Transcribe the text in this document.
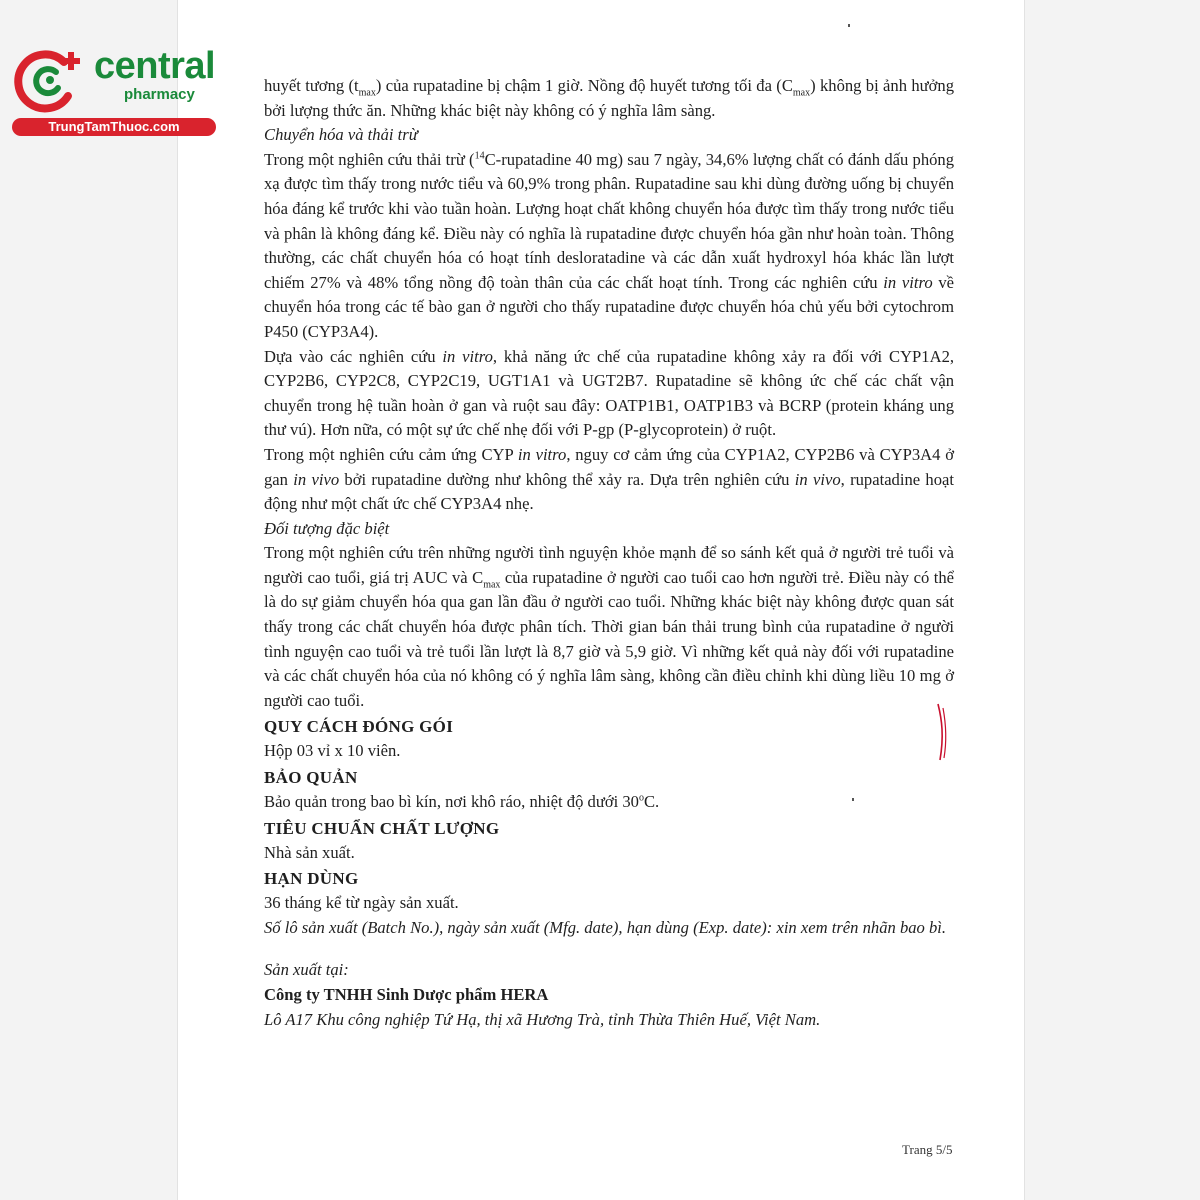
central
pharmacy
TrungTamThuoc.com

huyết tương $(t_{max})$ của rupatadine bị chậm 1 giờ. Nồng độ huyết tương tối đa $(C_{max})$ không bị ảnh hưởng bởi lượng thức ăn. Những khác biệt này không có ý nghĩa lâm sàng.

Chuyển hóa và thải trừ

Trong một nghiên cứu thải trừ ($^{14}$C-rupatadine 40 mg) sau 7 ngày, 34,6% lượng chất có đánh dấu phóng xạ được tìm thấy trong nước tiểu và 60,9% trong phân. Rupatadine sau khi dùng đường uống bị chuyển hóa đáng kể trước khi vào tuần hoàn. Lượng hoạt chất không chuyển hóa được tìm thấy trong nước tiểu và phân là không đáng kể. Điều này có nghĩa là rupatadine được chuyển hóa gần như hoàn toàn. Thông thường, các chất chuyển hóa có hoạt tính desloratadine và các dẫn xuất hydroxyl hóa khác lần lượt chiếm 27% và 48% tổng nồng độ toàn thân của các chất hoạt tính. Trong các nghiên cứu in vitro về chuyển hóa trong các tế bào gan ở người cho thấy rupatadine được chuyển hóa chủ yếu bởi cytochrom P450 (CYP3A4).

Dựa vào các nghiên cứu in vitro, khả năng ức chế của rupatadine không xảy ra đối với CYP1A2, CYP2B6, CYP2C8, CYP2C19, UGT1A1 và UGT2B7. Rupatadine sẽ không ức chế các chất vận chuyển trong hệ tuần hoàn ở gan và ruột sau đây: OATP1B1, OATP1B3 và BCRP (protein kháng ung thư vú). Hơn nữa, có một sự ức chế nhẹ đối với P-gp (P-glycoprotein) ở ruột.

Trong một nghiên cứu cảm ứng CYP in vitro, nguy cơ cảm ứng của CYP1A2, CYP2B6 và CYP3A4 ở gan in vivo bởi rupatadine dường như không thể xảy ra. Dựa trên nghiên cứu in vivo, rupatadine hoạt động như một chất ức chế CYP3A4 nhẹ.

Đối tượng đặc biệt

Trong một nghiên cứu trên những người tình nguyện khỏe mạnh để so sánh kết quả ở người trẻ tuổi và người cao tuổi, giá trị AUC và $C_{max}$ của rupatadine ở người cao tuổi cao hơn người trẻ. Điều này có thể là do sự giảm chuyển hóa qua gan lần đầu ở người cao tuổi. Những khác biệt này không được quan sát thấy trong các chất chuyển hóa được phân tích. Thời gian bán thải trung bình của rupatadine ở người tình nguyện cao tuổi và trẻ tuổi lần lượt là 8,7 giờ và 5,9 giờ. Vì những kết quả này đối với rupatadine và các chất chuyển hóa của nó không có ý nghĩa lâm sàng, không cần điều chỉnh khi dùng liều 10 mg ở người cao tuổi.

QUY CÁCH ĐÓNG GÓI

Hộp 03 vỉ x 10 viên.

BẢO QUẢN

Bảo quản trong bao bì kín, nơi khô ráo, nhiệt độ dưới 30$^o$C.

TIÊU CHUẨN CHẤT LƯỢNG

Nhà sản xuất.

HẠN DÙNG

36 tháng kể từ ngày sản xuất.

Số lô sản xuất (Batch No.), ngày sản xuất (Mfg. date), hạn dùng (Exp. date): xin xem trên nhãn bao bì.

Sản xuất tại:

Công ty TNHH Sinh Dược phẩm HERA

Lô A17 Khu công nghiệp Tứ Hạ, thị xã Hương Trà, tỉnh Thừa Thiên Huế, Việt Nam.

Trang 5/5
